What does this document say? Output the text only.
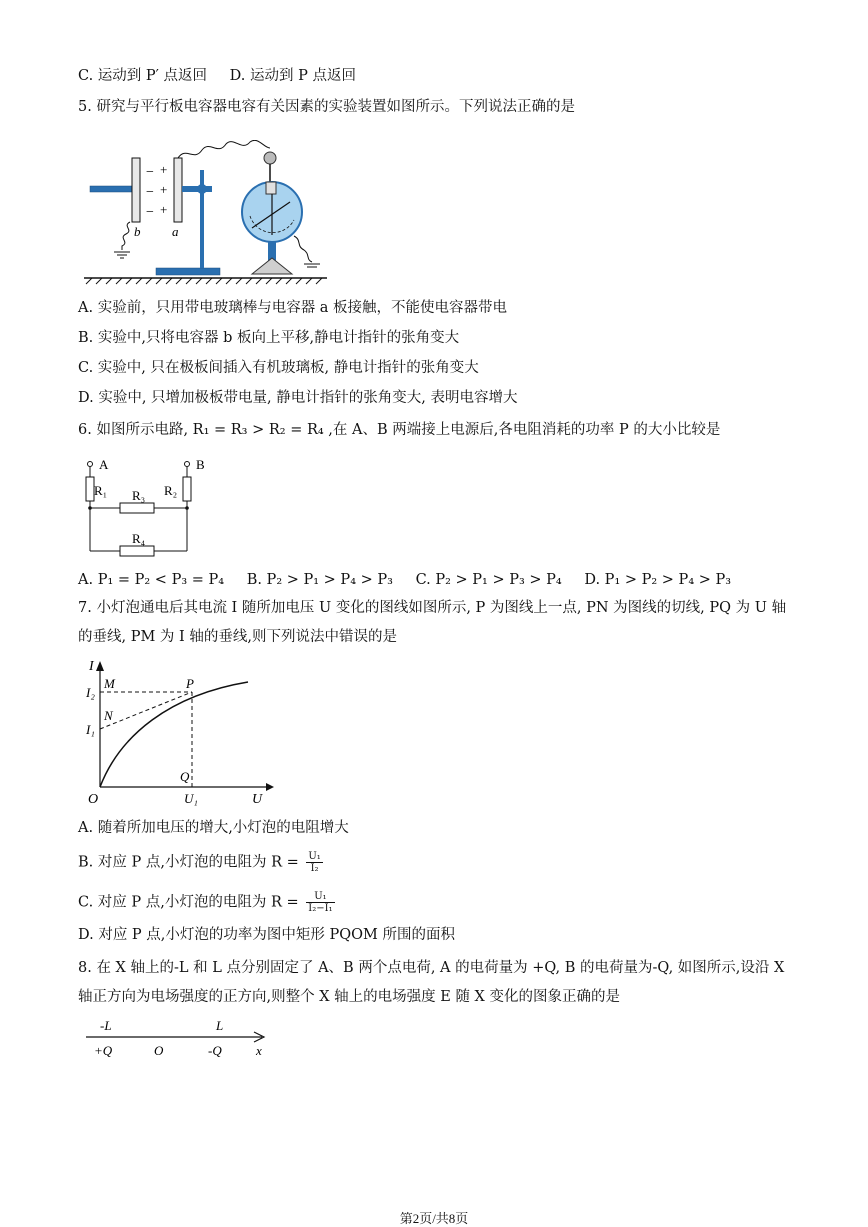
C. 运动到 P′ 点返回 D. 运动到 P 点返回
5. 研究与平行板电容器电容有关因素的实验装置如图所示。下列说法正确的是
−
−
−
+
+
+
b a
A. 实验前，只用带电玻璃棒与电容器 a 板接触，不能使电容器带电
B. 实验中,只将电容器 b 板向上平移,静电计指针的张角变大
C. 实验中, 只在极板间插入有机玻璃板, 静电计指针的张角变大
D. 实验中, 只增加极板带电量, 静电计指针的张角变大, 表明电容增大
6. 如图所示电路, R₁ = R₃ > R₂ = R₄ ,在 A、B 两端接上电源后,各电阻消耗的功率 P 的大小比较是
A	B
R₁	R₂
R₃
R₄
A. P₁ = P₂ < P₃ = P₄ B. P₂ > P₁ > P₄ > P₃ C. P₂ > P₁ > P₃ > P₄ D. P₁ > P₂ > P₄ > P₃
7. 小灯泡通电后其电流 I 随所加电压 U 变化的图线如图所示, P 为图线上一点, PN 为图线的切线, PQ 为 U 轴
的垂线, PM 为 I 轴的垂线,则下列说法中错误的是
I
M	P
I₂
N
I₁
Q
O	U₁	U
A. 随着所加电压的增大,小灯泡的电阻增大
B. 对应 P 点,小灯泡的电阻为 $R = \frac{\text{U₁}}{\text{I₂}}$
C. 对应 P 点,小灯泡的电阻为 $R = \frac{\text{U₁}}{\text{I₂−I₁}}$
D. 对应 P 点,小灯泡的功率为图中矩形 PQOM 所围的面积
8. 在 X 轴上的-L 和 L 点分别固定了 A、B 两个点电荷, A 的电荷量为 +Q, B 的电荷量为-Q, 如图所示,设沿 X
轴正方向为电场强度的正方向,则整个 X 轴上的电场强度 E 随 X 变化的图象正确的是
-L	L
+Q	O	-Q	x
第2页/共8页
